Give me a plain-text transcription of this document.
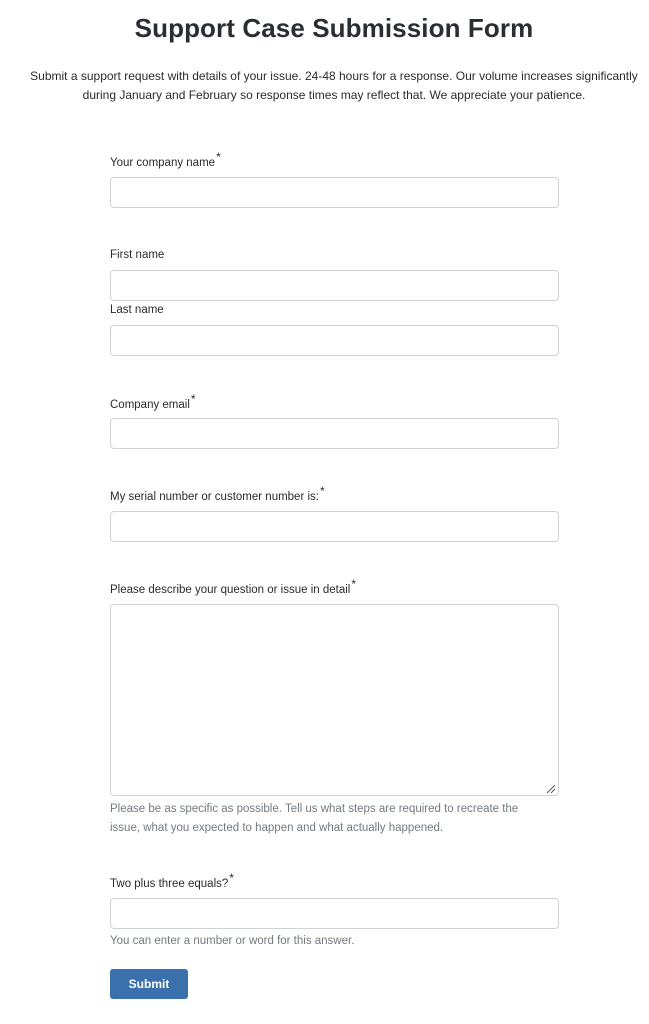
Support Case Submission Form

Submit a support request with details of your issue. 24-48 hours for a response. Our volume increases significantly during January and February so response times may reflect that. We appreciate your patience.

Your company name*
First name
Last name
Company email*
My serial number or customer number is:*
Please describe your question or issue in detail*
Please be as specific as possible. Tell us what steps are required to recreate the issue, what you expected to happen and what actually happened.
Two plus three equals?*
You can enter a number or word for this answer.
Submit
